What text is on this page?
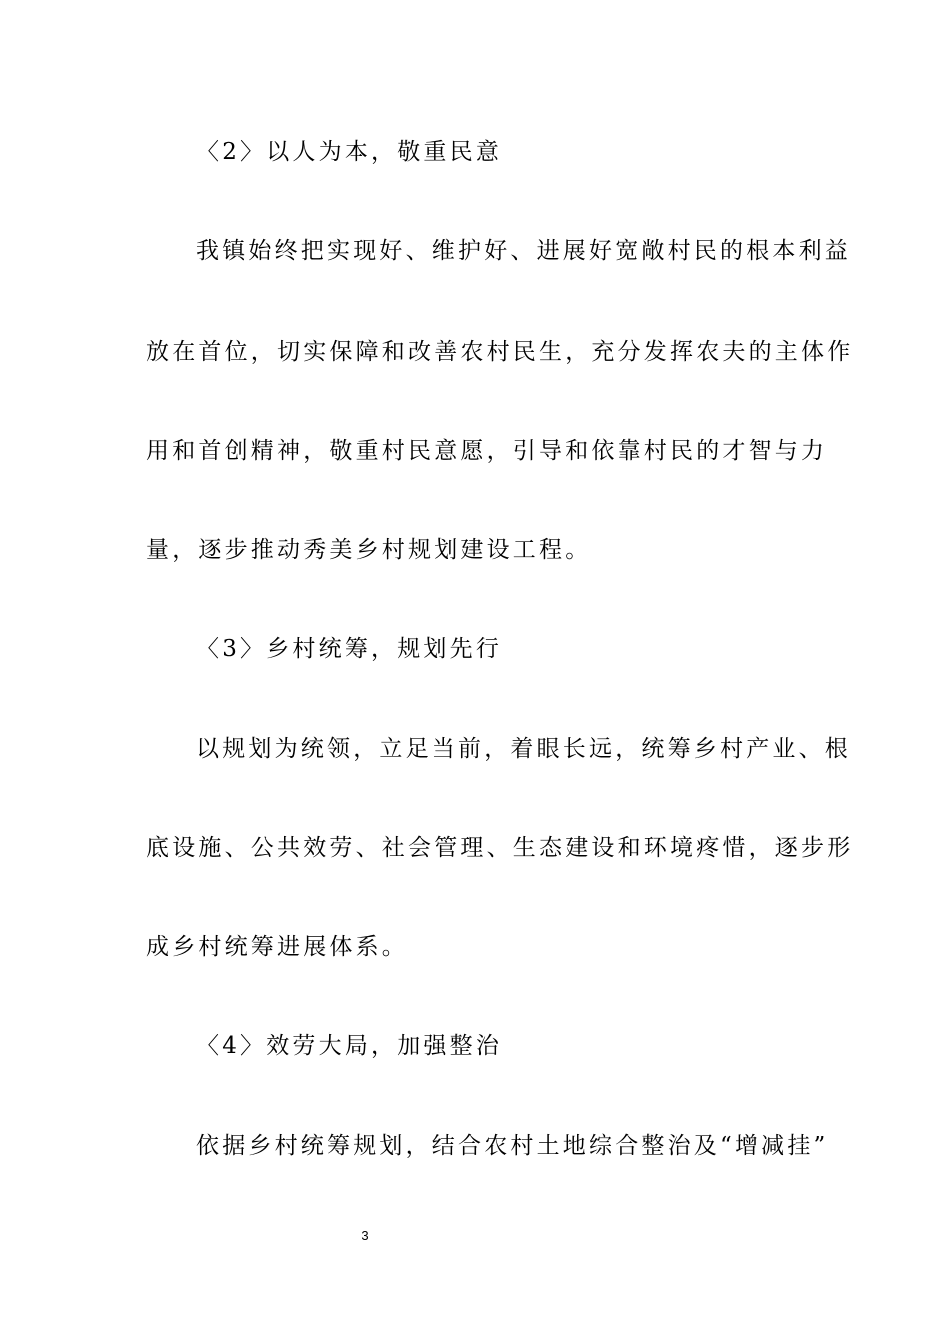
〈2〉以人为本，敬重民意
我镇始终把实现好、维护好、进展好宽敞村民的根本利益
放在首位，切实保障和改善农村民生，充分发挥农夫的主体作
用和首创精神，敬重村民意愿，引导和依靠村民的才智与力
量，逐步推动秀美乡村规划建设工程。
〈3〉乡村统筹，规划先行
以规划为统领，立足当前，着眼长远，统筹乡村产业、根
底设施、公共效劳、社会管理、生态建设和环境疼惜，逐步形
成乡村统筹进展体系。
〈4〉效劳大局，加强整治
依据乡村统筹规划，结合农村土地综合整治及“增减挂”
3
